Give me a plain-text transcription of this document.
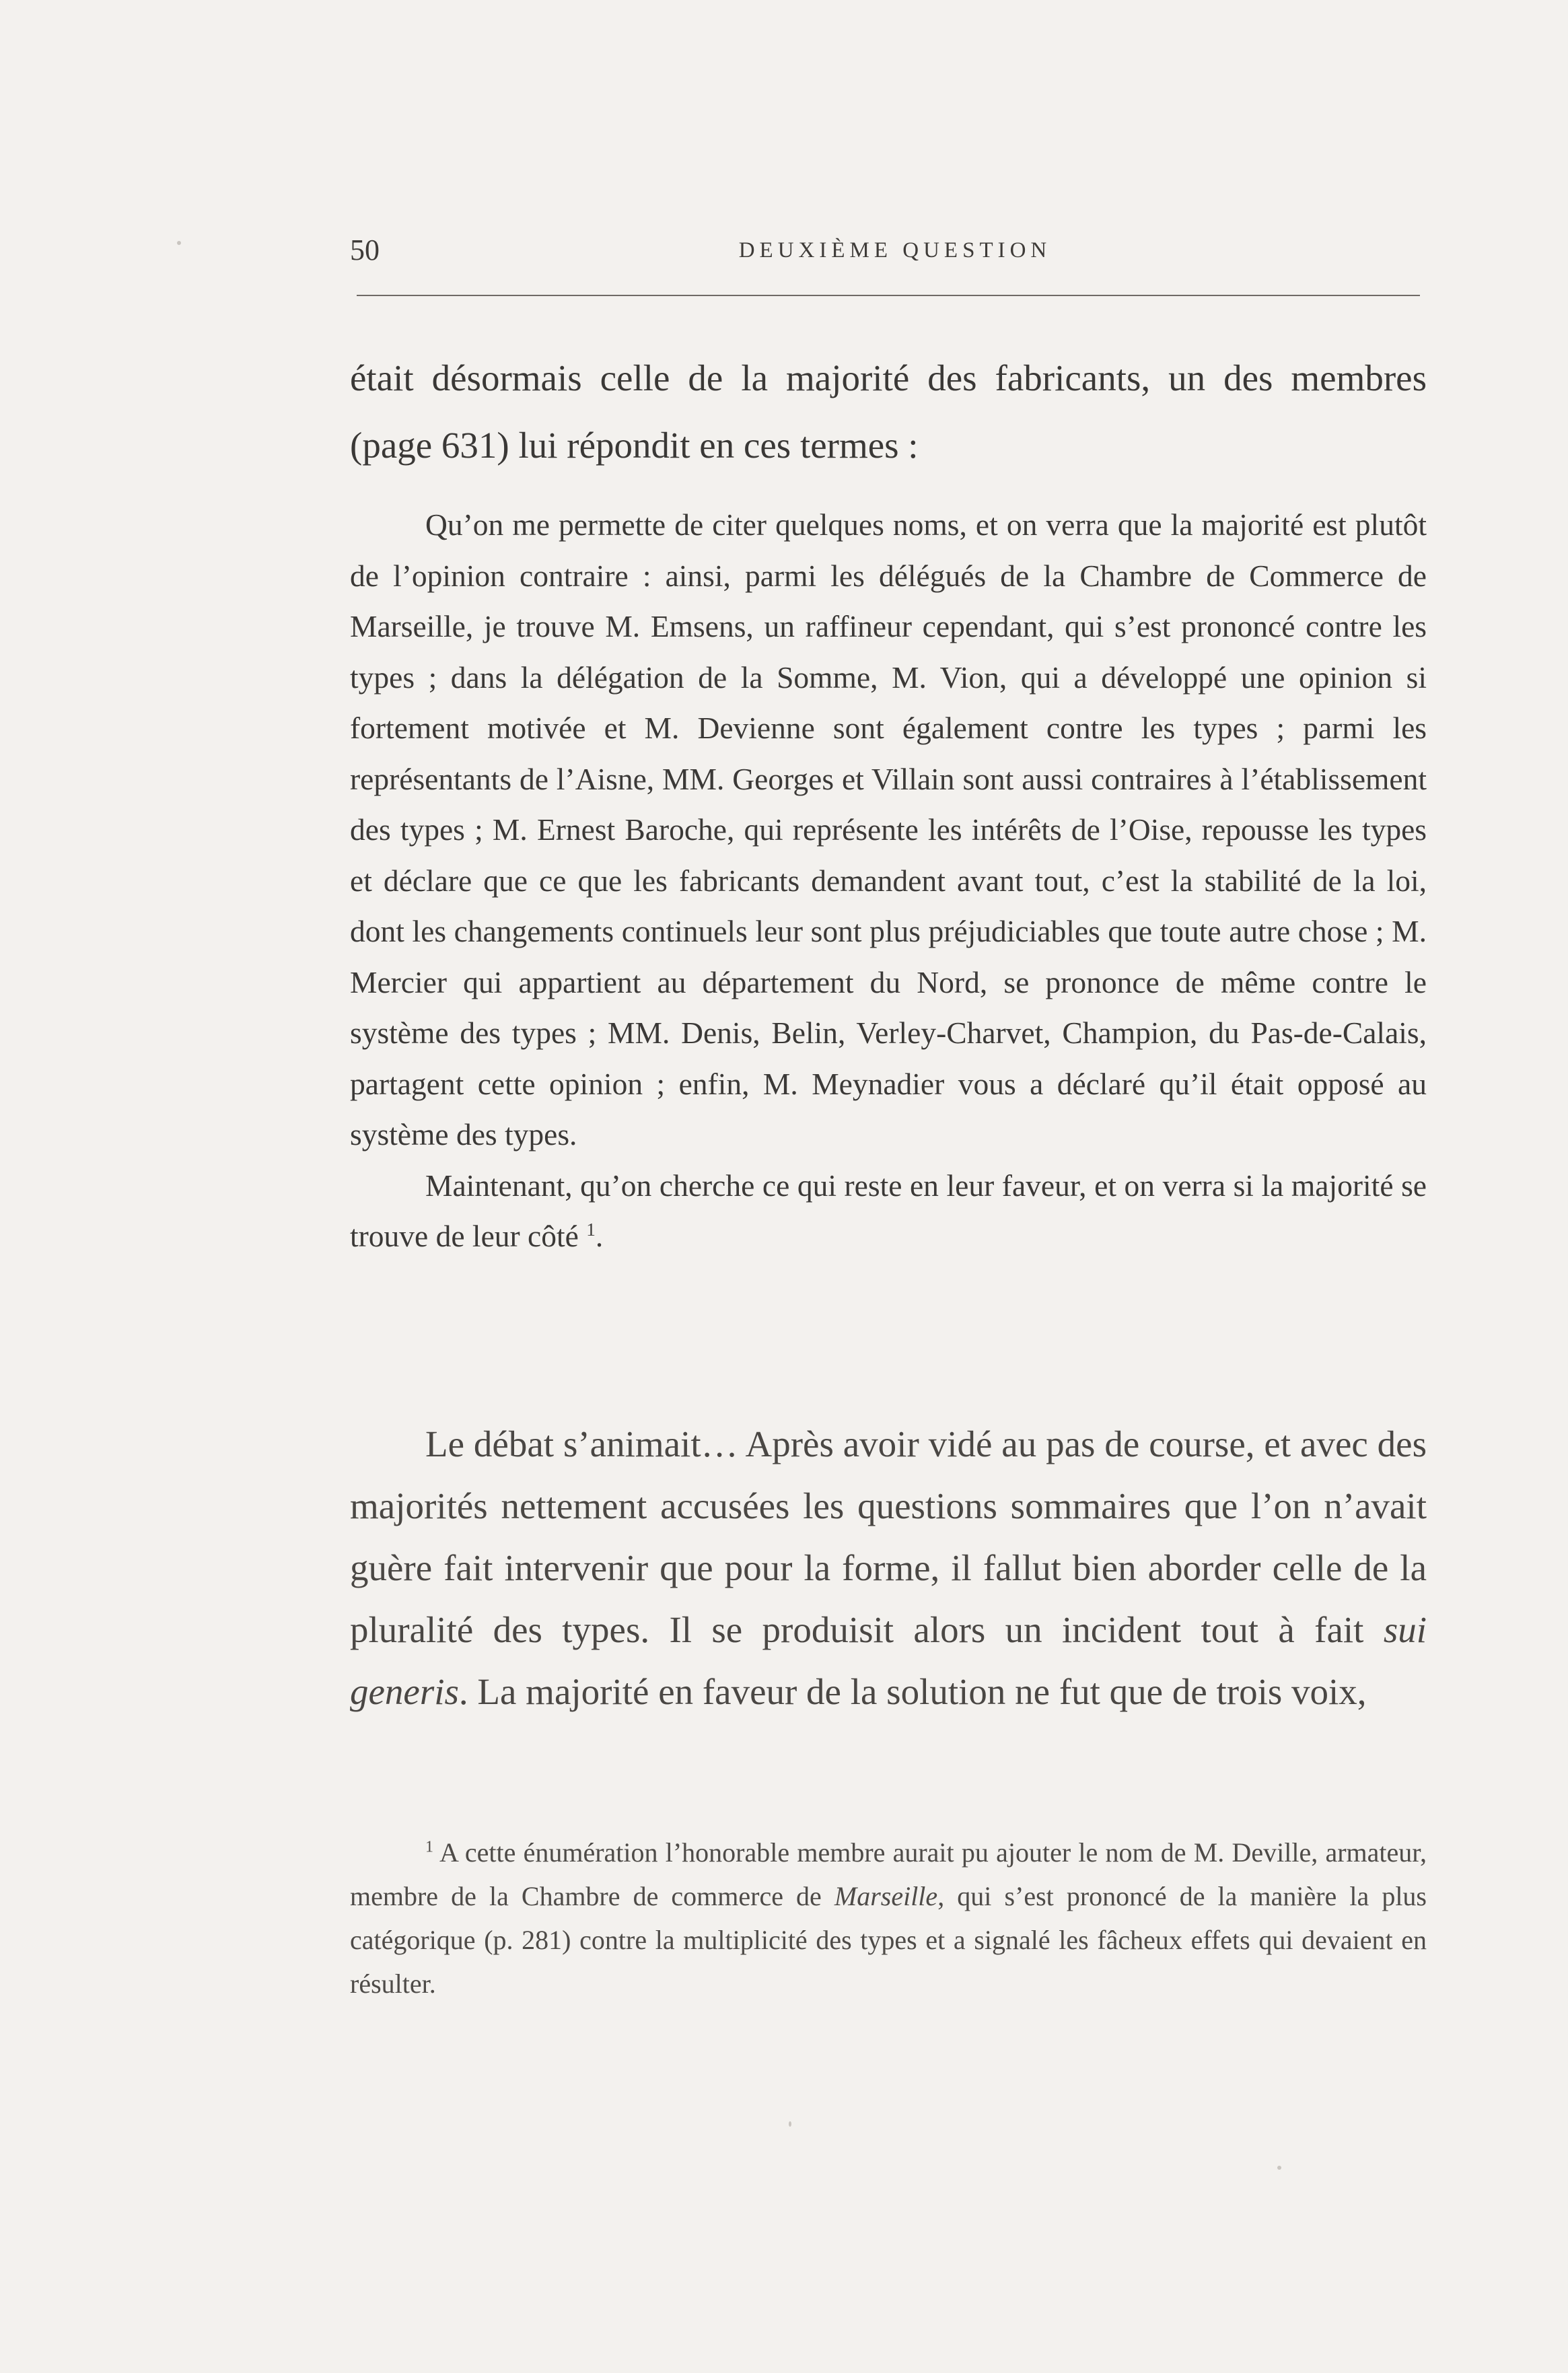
50	DEUXIÈME QUESTION

était désormais celle de la majorité des fabricants, un des membres (page 631) lui répondit en ces termes :

Qu’on me permette de citer quelques noms, et on verra que la majorité est plutôt de l’opinion contraire : ainsi, parmi les délégués de la Chambre de Commerce de Marseille, je trouve M. Emsens, un raffineur cependant, qui s’est prononcé contre les types ; dans la délégation de la Somme, M. Vion, qui a développé une opinion si fortement motivée et M. Devienne sont également contre les types ; parmi les représentants de l’Aisne, MM. Georges et Villain sont aussi contraires à l’établissement des types ; M. Ernest Baroche, qui représente les intérêts de l’Oise, repousse les types et déclare que ce que les fabricants demandent avant tout, c’est la stabilité de la loi, dont les changements continuels leur sont plus préjudiciables que toute autre chose ; M. Mercier qui appartient au département du Nord, se prononce de même contre le système des types ; MM. Denis, Belin, Verley-Charvet, Champion, du Pas-de-Calais, partagent cette opinion ; enfin, M. Meynadier vous a déclaré qu’il était opposé au système des types.

Maintenant, qu’on cherche ce qui reste en leur faveur, et on verra si la majorité se trouve de leur côté $^1$.

Le débat s’animait… Après avoir vidé au pas de course, et avec des majorités nettement accusées les questions sommaires que l’on n’avait guère fait intervenir que pour la forme, il fallut bien aborder celle de la pluralité des types. Il se produisit alors un incident tout à fait sui generis. La majorité en faveur de la solution ne fut que de trois voix,

$^1$ A cette énumération l’honorable membre aurait pu ajouter le nom de M. Deville, armateur, membre de la Chambre de commerce de Marseille, qui s’est prononcé de la manière la plus catégorique (p. 281) contre la multiplicité des types et a signalé les fâcheux effets qui devaient en résulter.
